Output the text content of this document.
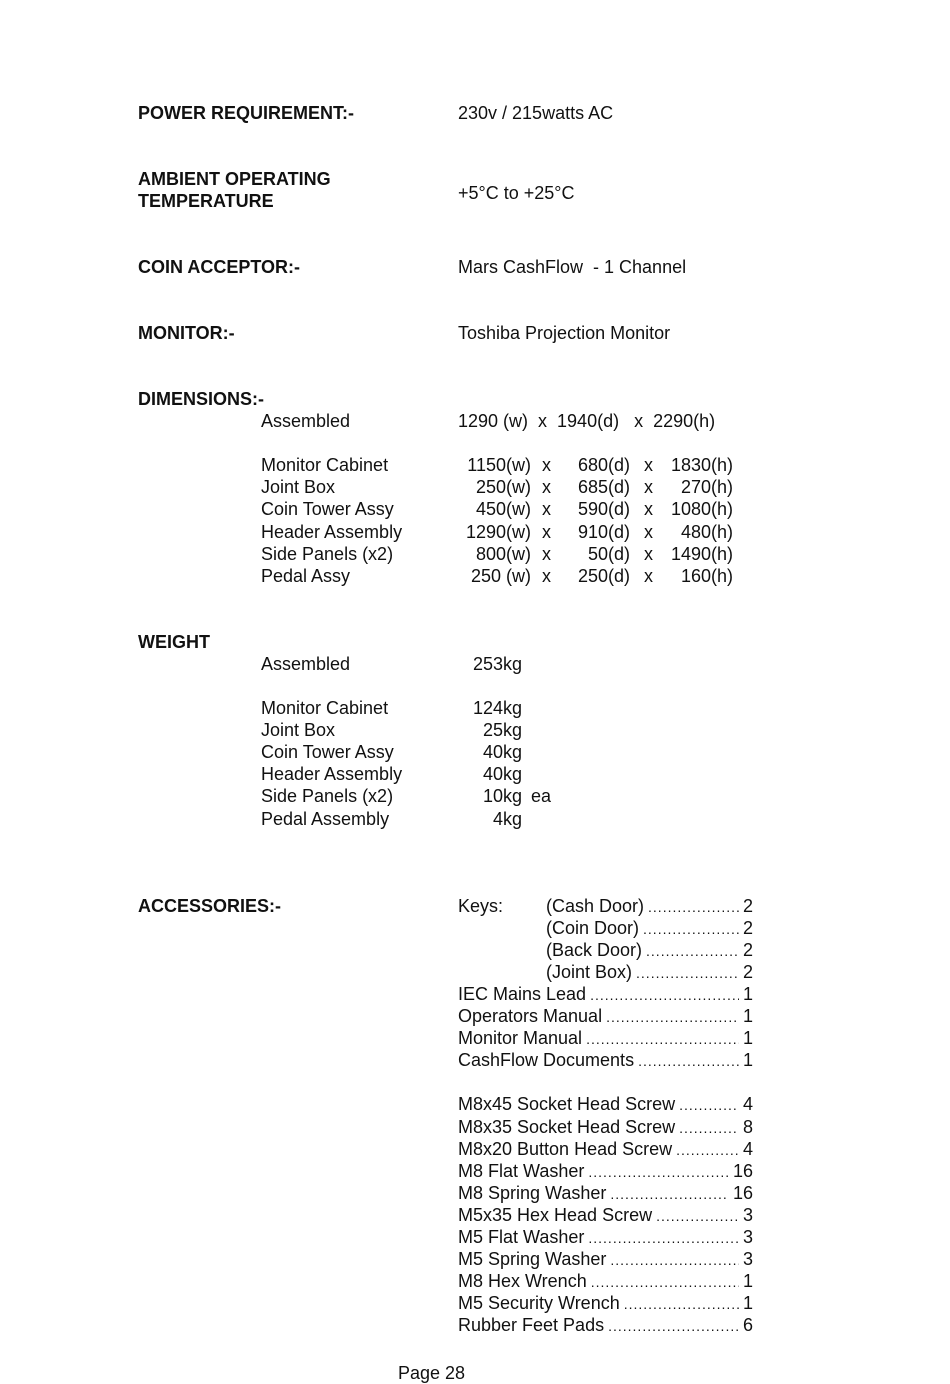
POWER REQUIREMENT:-	230v / 215watts AC
AMBIENT OPERATING
TEMPERATURE	+5°C to +25°C
COIN ACCEPTOR:-	Mars CashFlow  - 1 Channel
MONITOR:-	Toshiba Projection Monitor
DIMENSIONS:-
Assembled	1290 (w)  x  1940(d)   x  2290(h)
Monitor Cabinet	1150(w) x 680(d) x 1830(h)
Joint Box	250(w) x 685(d) x 270(h)
Coin Tower Assy	450(w) x 590(d) x 1080(h)
Header Assembly	1290(w) x 910(d) x 480(h)
Side Panels (x2)	800(w) x 50(d) x 1490(h)
Pedal Assy	250 (w) x 250(d) x 160(h)
WEIGHT
Assembled	253kg
Monitor Cabinet	124kg
Joint Box	25kg
Coin Tower Assy	40kg
Header Assembly	40kg
Side Panels (x2)	10kg ea
Pedal Assembly	4kg
ACCESSORIES:-	Keys:	(Cash Door) .....	2
(Coin Door) .....	2
(Back Door) .....	2
(Joint Box) .....	2
IEC Mains Lead .....	1
Operators Manual .....	1
Monitor Manual .....	1
CashFlow Documents .....	1
M8x45 Socket Head Screw .....	4
M8x35 Socket Head Screw .....	8
M8x20 Button Head Screw .....	4
M8 Flat Washer .....	16
M8 Spring Washer .....	16
M5x35 Hex Head Screw .....	3
M5 Flat Washer .....	3
M5 Spring Washer .....	3
M8 Hex Wrench .....	1
M5 Security Wrench .....	1
Rubber Feet Pads .....	6
Page 28
